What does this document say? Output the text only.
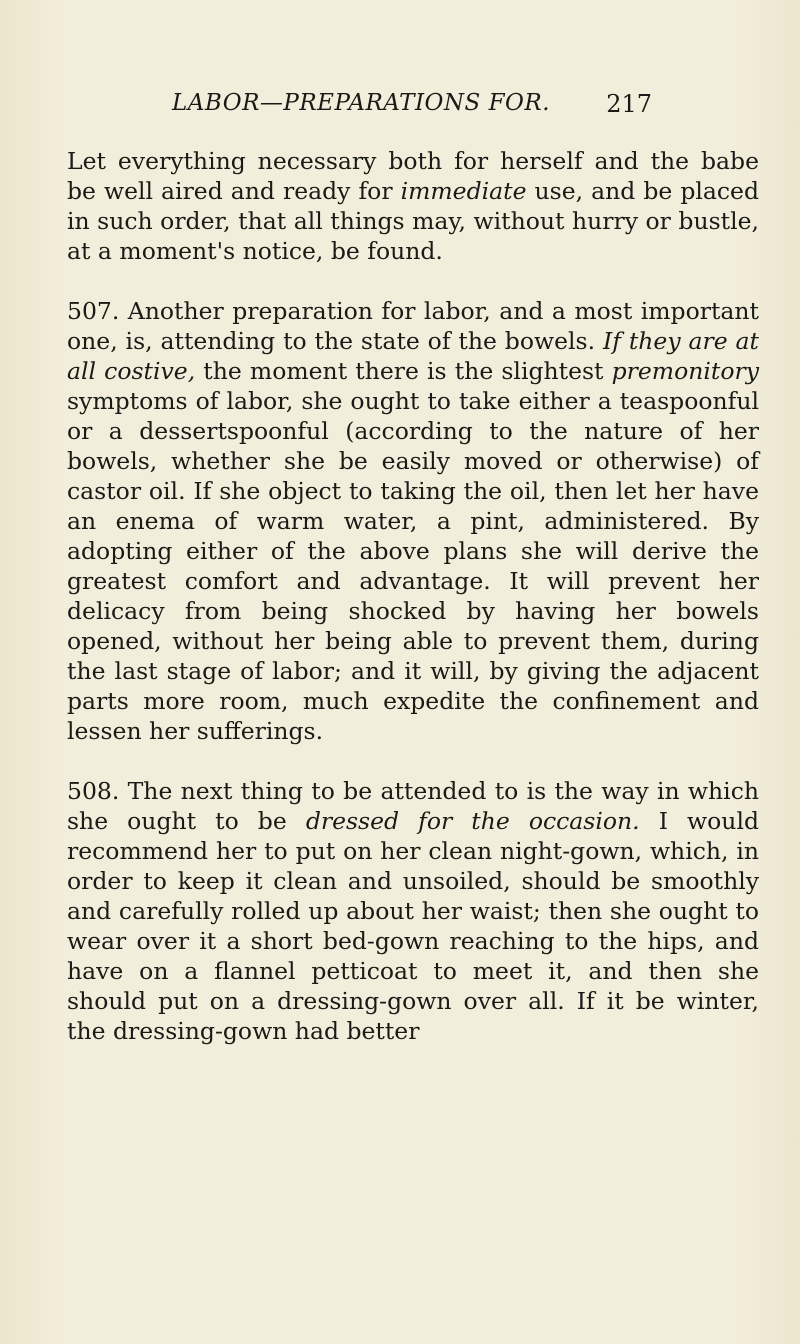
LABOR—PREPARATIONS FOR. 217

Let everything necessary both for herself and the babe be well aired and ready for immediate use, and be placed in such order, that all things may, without hurry or bustle, at a moment's notice, be found.

507. Another preparation for labor, and a most important one, is, attending to the state of the bowels. If they are at all costive, the moment there is the slightest premonitory symptoms of labor, she ought to take either a teaspoonful or a dessertspoonful (according to the nature of her bowels, whether she be easily moved or otherwise) of castor oil. If she object to taking the oil, then let her have an enema of warm water, a pint, administered. By adopting either of the above plans she will derive the greatest comfort and advantage. It will prevent her delicacy from being shocked by having her bowels opened, without her being able to prevent them, during the last stage of labor; and it will, by giving the adjacent parts more room, much expedite the confinement and lessen her sufferings.

508. The next thing to be attended to is the way in which she ought to be dressed for the occasion. I would recommend her to put on her clean night-gown, which, in order to keep it clean and unsoiled, should be smoothly and carefully rolled up about her waist; then she ought to wear over it a short bed-gown reaching to the hips, and have on a flannel petticoat to meet it, and then she should put on a dressing-gown over all. If it be winter, the dressing-gown had better
